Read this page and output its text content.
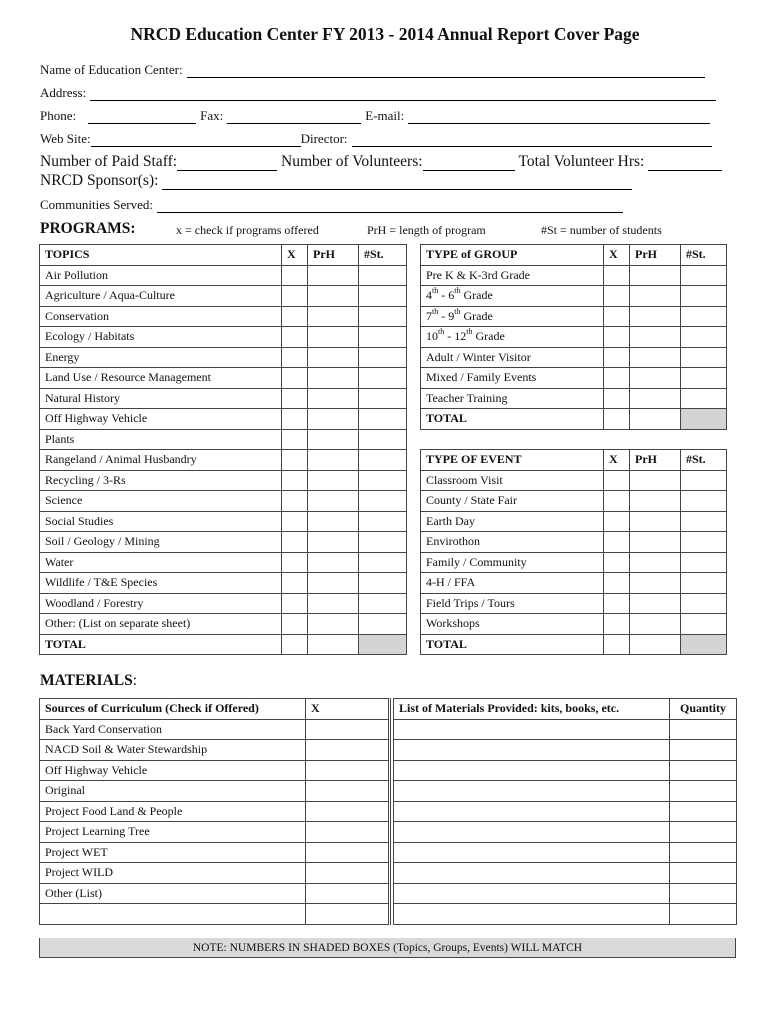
NRCD Education Center FY 2013 - 2014 Annual Report Cover Page
Name of Education Center:
Address:
Phone:	Fax:	E-mail:
Web Site:	Director:
Number of Paid Staff:	Number of Volunteers:	Total Volunteer Hrs:
NRCD Sponsor(s):
Communities Served:
PROGRAMS:	x = check if programs offered	PrH = length of program	#St = number of students
TOPICS	X	PrH	#St.
Air Pollution			
Agriculture / Aqua-Culture			
Conservation			
Ecology / Habitats			
Energy			
Land Use / Resource Management			
Natural History			
Off Highway Vehicle			
Plants			
Rangeland / Animal Husbandry			
Recycling / 3-Rs			
Science			
Social Studies			
Soil / Geology / Mining			
Water			
Wildlife / T&E Species			
Woodland / Forestry			
Other: (List on separate sheet)			
TOTAL			
TYPE of GROUP	X	PrH	#St.
Pre K & K-3rd Grade			
4th - 6th Grade			
7th - 9th Grade			
10th - 12th Grade			
Adult / Winter Visitor			
Mixed / Family Events			
Teacher Training			
TOTAL			
TYPE OF EVENT	X	PrH	#St.
Classroom Visit			
County / State Fair			
Earth Day			
Envirothon			
Family / Community			
4-H / FFA			
Field Trips / Tours			
Workshops			
TOTAL			
MATERIALS:
Sources of Curriculum (Check if Offered)	X		List of Materials Provided: kits, books, etc.	Quantity
Back Yard Conservation				
NACD Soil & Water Stewardship				
Off Highway Vehicle				
Original				
Project Food Land & People				
Project Learning Tree				
Project WET				
Project WILD				
Other (List)				

NOTE: NUMBERS IN SHADED BOXES (Topics, Groups, Events) WILL MATCH
